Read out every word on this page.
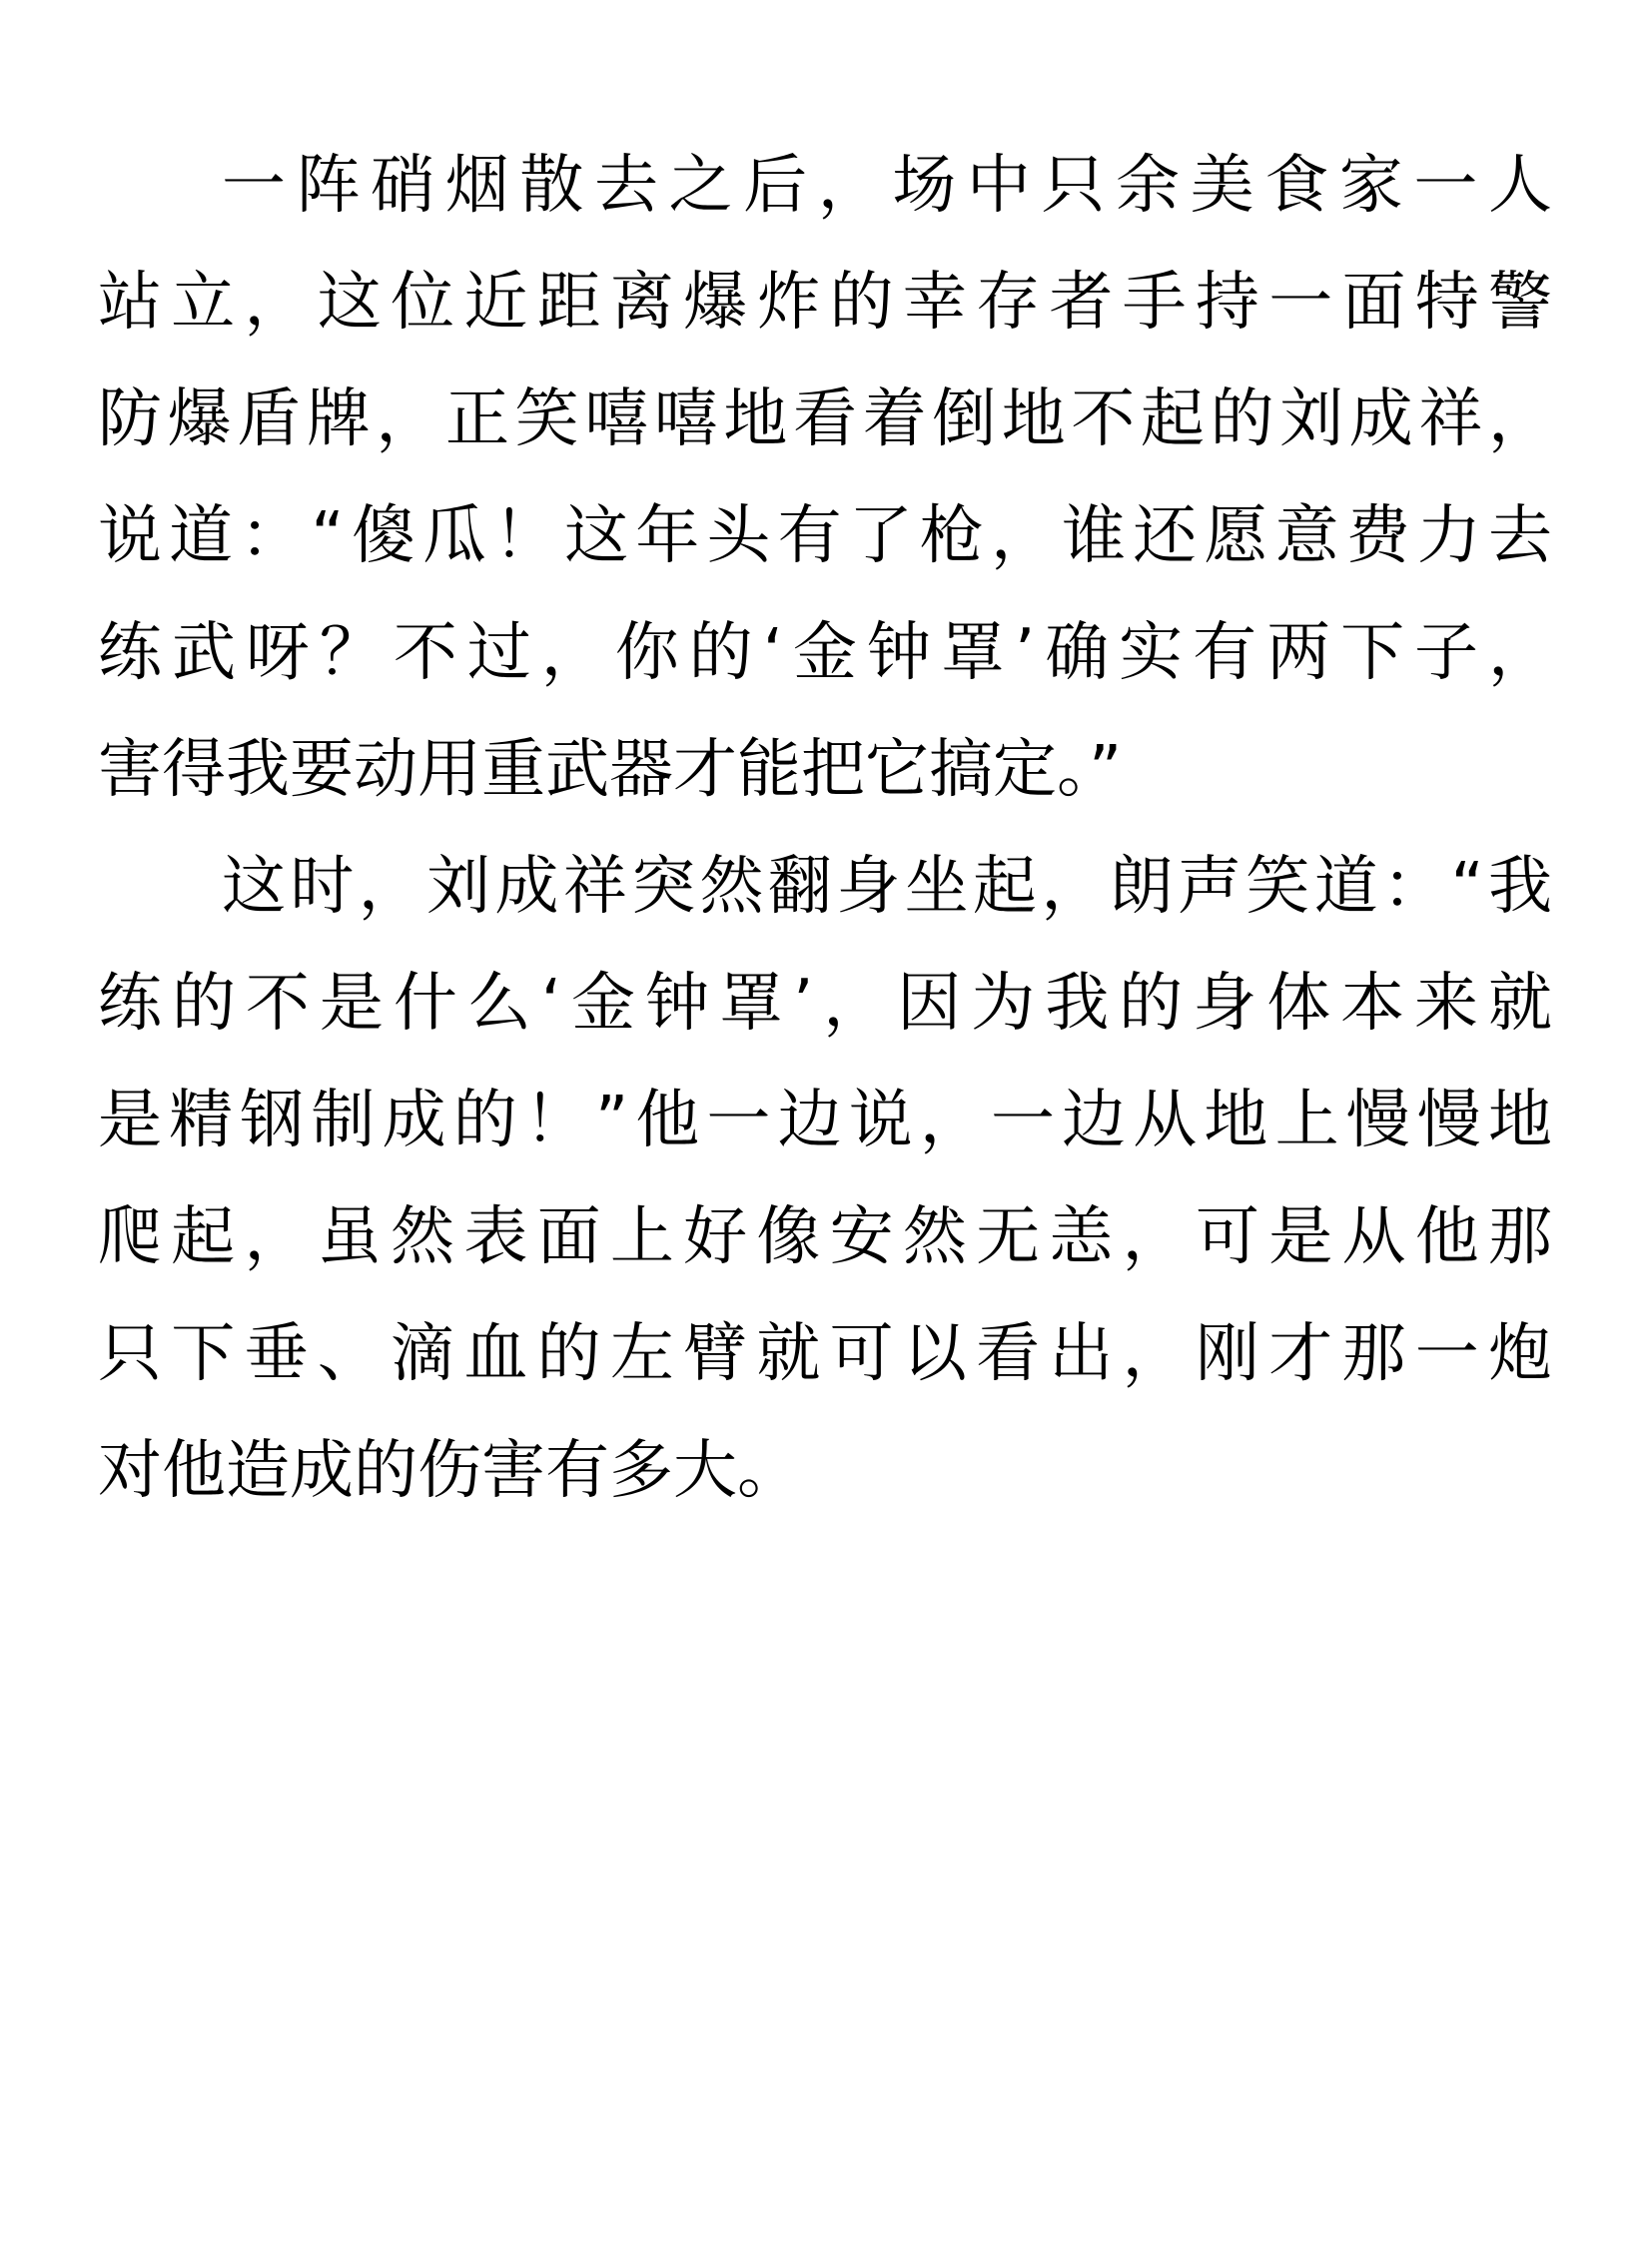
一阵硝烟散去之后，场中只余美食家一人
站立，这位近距离爆炸的幸存者手持一面特警
防爆盾牌，正笑嘻嘻地看着倒地不起的刘成祥，
说道：“傻瓜！这年头有了枪，谁还愿意费力去
练武呀？不过，你的‘金钟罩’确实有两下子，
害得我要动用重武器才能把它搞定。”
这时，刘成祥突然翻身坐起，朗声笑道：“我
练的不是什么‘金钟罩’，因为我的身体本来就
是精钢制成的！”他一边说，一边从地上慢慢地
爬起，虽然表面上好像安然无恙，可是从他那
只下垂、滴血的左臂就可以看出，刚才那一炮
对他造成的伤害有多大。
